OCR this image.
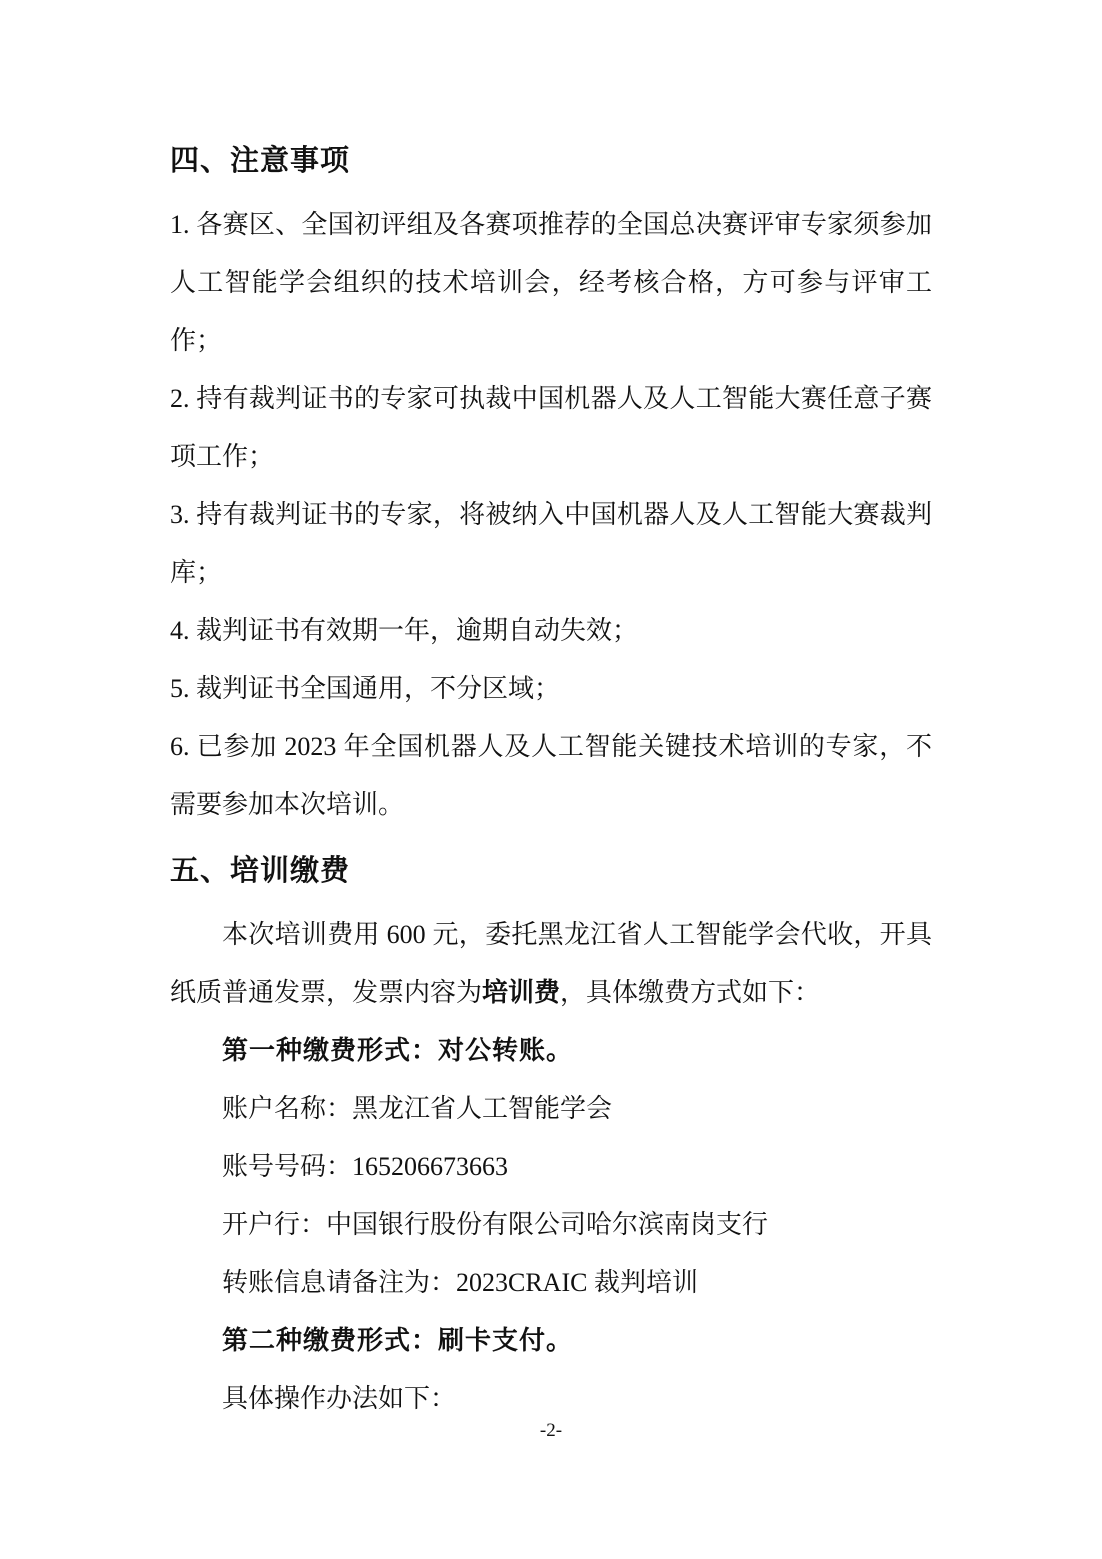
四、注意事项

1. 各赛区、全国初评组及各赛项推荐的全国总决赛评审专家须参加人工智能学会组织的技术培训会，经考核合格，方可参与评审工作；

2. 持有裁判证书的专家可执裁中国机器人及人工智能大赛任意子赛项工作；

3. 持有裁判证书的专家，将被纳入中国机器人及人工智能大赛裁判库；

4. 裁判证书有效期一年，逾期自动失效；

5. 裁判证书全国通用，不分区域；

6. 已参加 2023 年全国机器人及人工智能关键技术培训的专家，不需要参加本次培训。

五、培训缴费

本次培训费用 600 元，委托黑龙江省人工智能学会代收，开具纸质普通发票，发票内容为培训费，具体缴费方式如下：

第一种缴费形式：对公转账。

账户名称：黑龙江省人工智能学会

账号号码：165206673663

开户行：中国银行股份有限公司哈尔滨南岗支行

转账信息请备注为：2023CRAIC 裁判培训

第二种缴费形式：刷卡支付。

具体操作办法如下：

-2-
